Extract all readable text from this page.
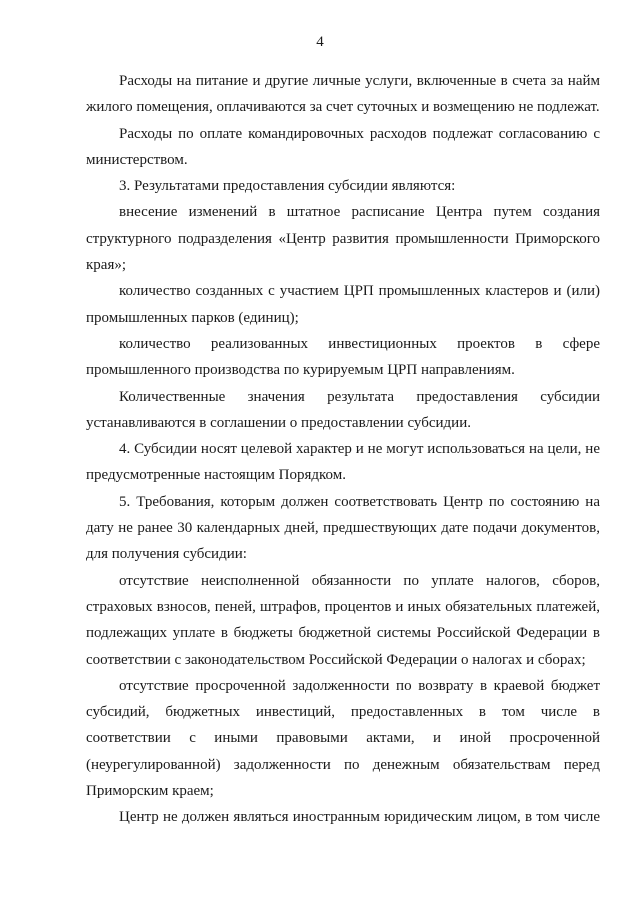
4

Расходы на питание и другие личные услуги, включенные в счета за найм жилого помещения, оплачиваются за счет суточных и возмещению не подлежат.

Расходы по оплате командировочных расходов подлежат согласованию с министерством.

3. Результатами предоставления субсидии являются:

внесение изменений в штатное расписание Центра путем создания структурного подразделения «Центр развития промышленности Приморского края»;

количество созданных с участием ЦРП промышленных кластеров и (или) промышленных парков (единиц);

количество реализованных инвестиционных проектов в сфере промышленного производства по курируемым ЦРП направлениям.

Количественные значения результата предоставления субсидии устанавливаются в соглашении о предоставлении субсидии.

4. Субсидии носят целевой характер и не могут использоваться на цели, не предусмотренные настоящим Порядком.

5. Требования, которым должен соответствовать Центр по состоянию на дату не ранее 30 календарных дней, предшествующих дате подачи документов, для получения субсидии:

отсутствие неисполненной обязанности по уплате налогов, сборов, страховых взносов, пеней, штрафов, процентов и иных обязательных платежей, подлежащих уплате в бюджеты бюджетной системы Российской Федерации в соответствии с законодательством Российской Федерации о налогах и сборах;

отсутствие просроченной задолженности по возврату в краевой бюджет субсидий, бюджетных инвестиций, предоставленных в том числе в соответствии с иными правовыми актами, и иной просроченной (неурегулированной) задолженности по денежным обязательствам перед Приморским краем;

Центр не должен являться иностранным юридическим лицом, в том числе
